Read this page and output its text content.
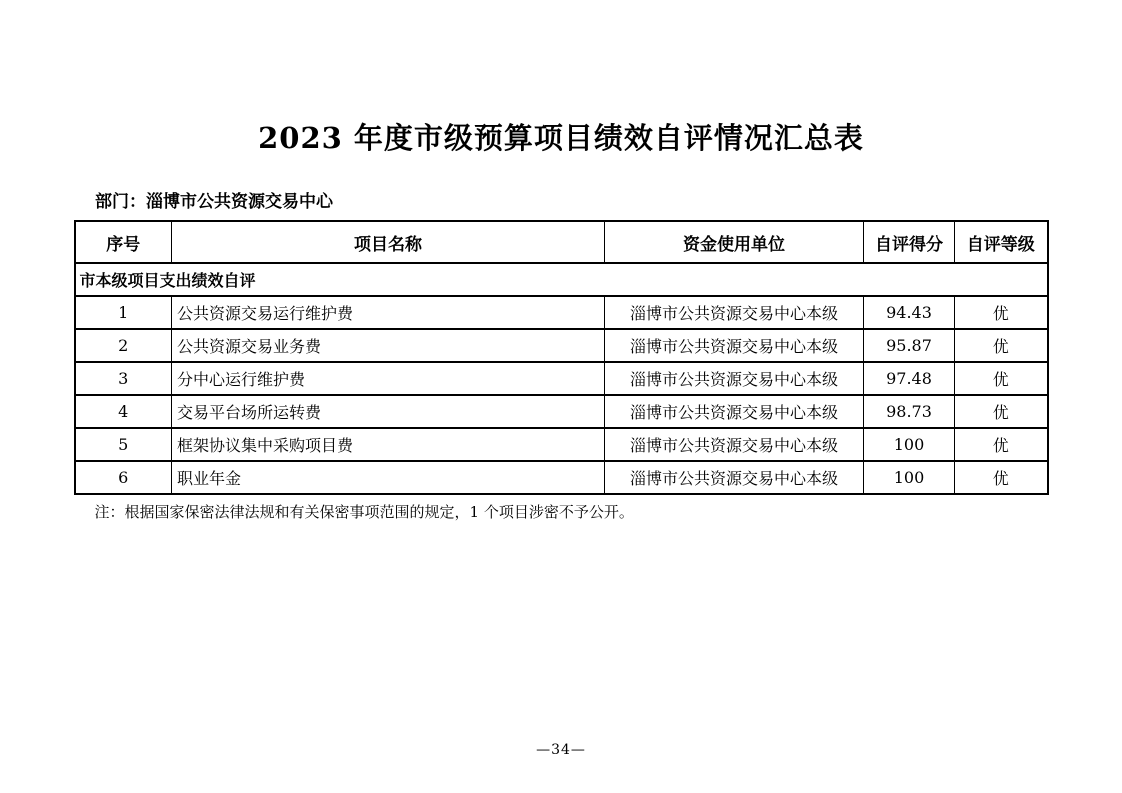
2023 年度市级预算项目绩效自评情况汇总表
部门：淄博市公共资源交易中心
序号	项目名称	资金使用单位	自评得分	自评等级
市本级项目支出绩效自评				
1	公共资源交易运行维护费	淄博市公共资源交易中心本级	94.43	优
2	公共资源交易业务费	淄博市公共资源交易中心本级	95.87	优
3	分中心运行维护费	淄博市公共资源交易中心本级	97.48	优
4	交易平台场所运转费	淄博市公共资源交易中心本级	98.73	优
5	框架协议集中采购项目费	淄博市公共资源交易中心本级	100	优
6	职业年金	淄博市公共资源交易中心本级	100	优
注：根据国家保密法律法规和有关保密事项范围的规定，1 个项目涉密不予公开。
—34—
